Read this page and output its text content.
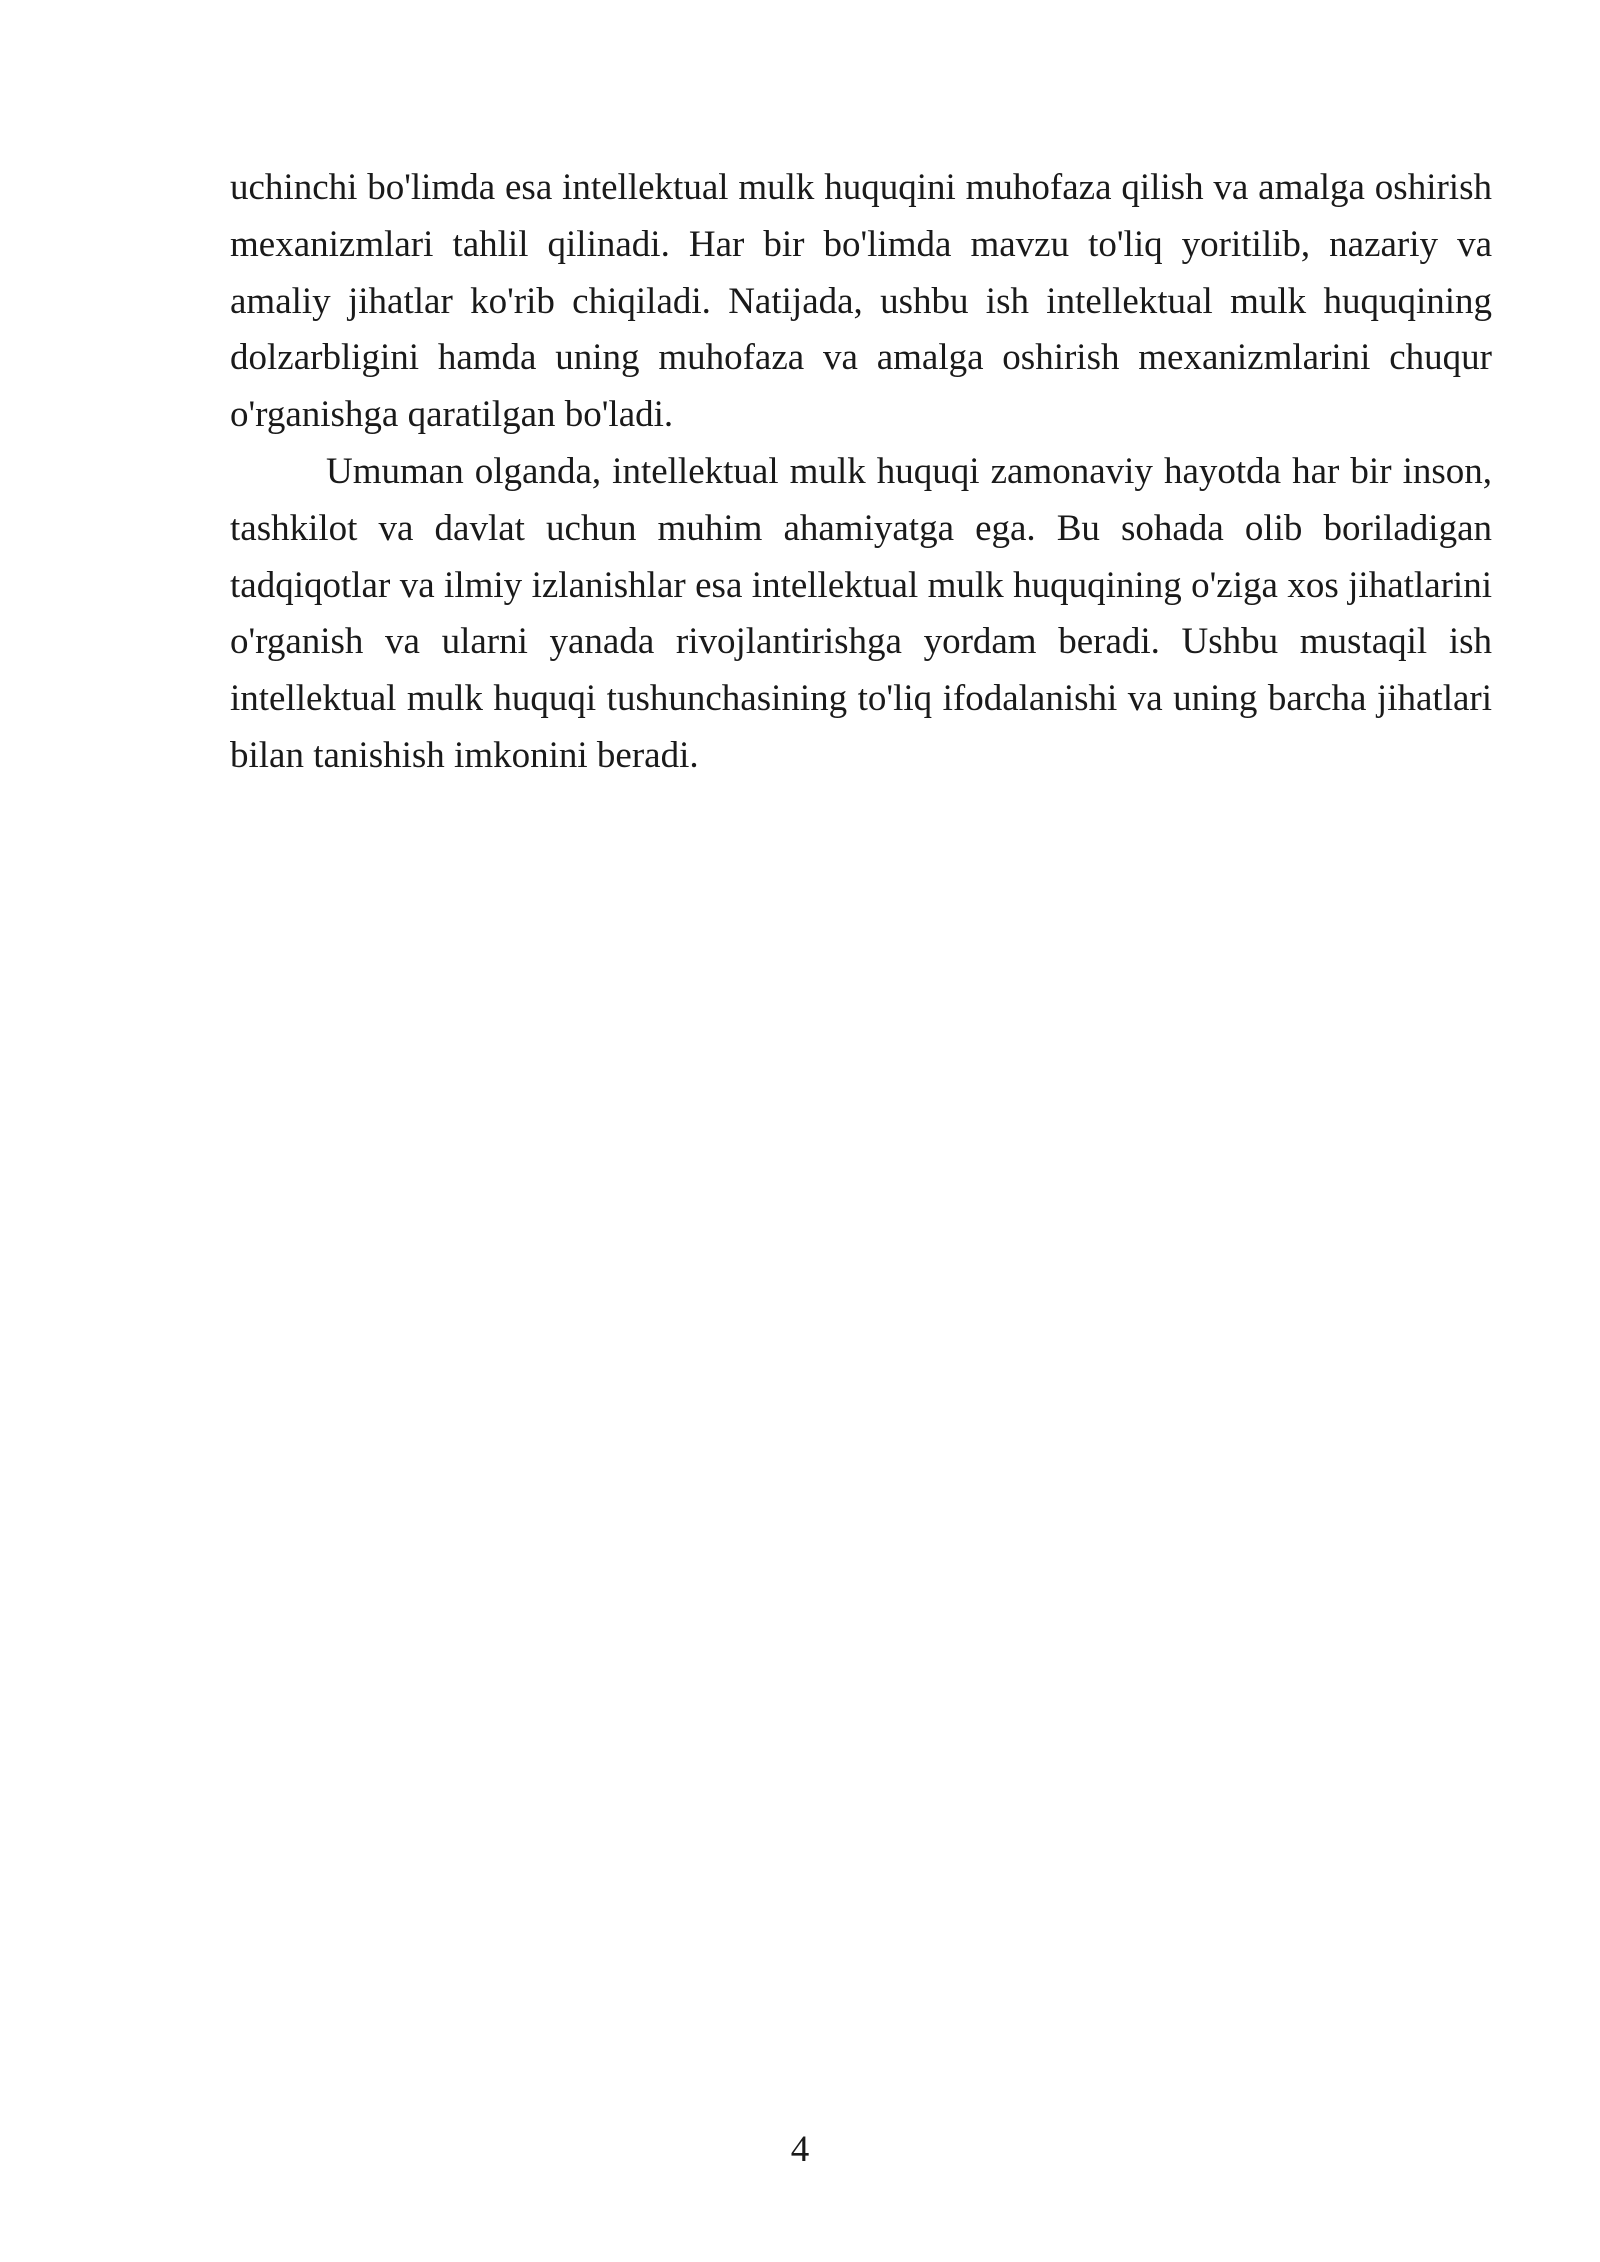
uchinchi bo'limda esa intellektual mulk huquqini muhofaza qilish va amalga oshirish mexanizmlari tahlil qilinadi. Har bir bo'limda mavzu to'liq yoritilib, nazariy va amaliy jihatlar ko'rib chiqiladi. Natijada, ushbu ish intellektual mulk huquqining dolzarbligini hamda uning muhofaza va amalga oshirish mexanizmlarini chuqur o'rganishga qaratilgan bo'ladi.

Umuman olganda, intellektual mulk huquqi zamonaviy hayotda har bir inson, tashkilot va davlat uchun muhim ahamiyatga ega. Bu sohada olib boriladigan tadqiqotlar va ilmiy izlanishlar esa intellektual mulk huquqining o'ziga xos jihatlarini o'rganish va ularni yanada rivojlantirishga yordam beradi. Ushbu mustaqil ish intellektual mulk huquqi tushunchasining to'liq ifodalanishi va uning barcha jihatlari bilan tanishish imkonini beradi.

4
